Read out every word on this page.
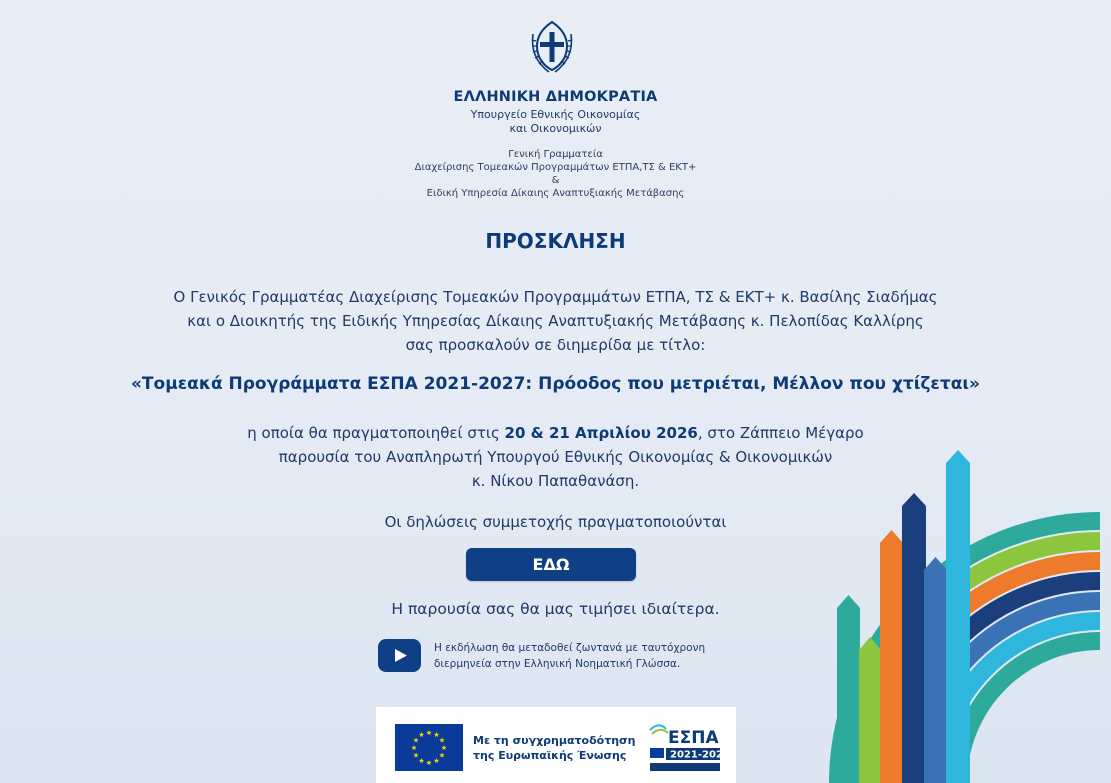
ΕΛΛΗΝΙΚΗ ΔΗΜΟΚΡΑΤΙΑ
Υπουργείο Εθνικής Οικονομίας
και Οικονομικών
Γενική Γραμματεία
Διαχείρισης Τομεακών Προγραμμάτων ΕΤΠΑ,ΤΣ & ΕΚΤ+
&
Ειδική Υπηρεσία Δίκαιης Αναπτυξιακής Μετάβασης
ΠΡΟΣΚΛΗΣΗ
Ο Γενικός Γραμματέας Διαχείρισης Τομεακών Προγραμμάτων ΕΤΠΑ, ΤΣ & ΕΚΤ+ κ. Βασίλης Σιαδήμας
και ο Διοικητής της Ειδικής Υπηρεσίας Δίκαιης Αναπτυξιακής Μετάβασης κ. Πελοπίδας Καλλίρης
σας προσκαλούν σε διημερίδα με τίτλο:
«Τομεακά Προγράμματα ΕΣΠΑ 2021-2027: Πρόοδος που μετριέται, Μέλλον που χτίζεται»
η οποία θα πραγματοποιηθεί στις 20 & 21 Απριλίου 2026, στο Ζάππειο Μέγαρο
παρουσία του Αναπληρωτή Υπουργού Εθνικής Οικονομίας & Οικονομικών
κ. Νίκου Παπαθανάση.
Οι δηλώσεις συμμετοχής πραγματοποιούνται
ΕΔΩ
Η παρουσία σας θα μας τιμήσει ιδιαίτερα.
Η εκδήλωση θα μεταδοθεί ζωντανά με ταυτόχρονη
διερμηνεία στην Ελληνική Νοηματική Γλώσσα.
★ ★
★
★
★
★
★
★
★
★
★
★	Με τη συγχρηματοδότηση
της Ευρωπαϊκής Ένωσης
ΕΣΠΑ
2021-2027
